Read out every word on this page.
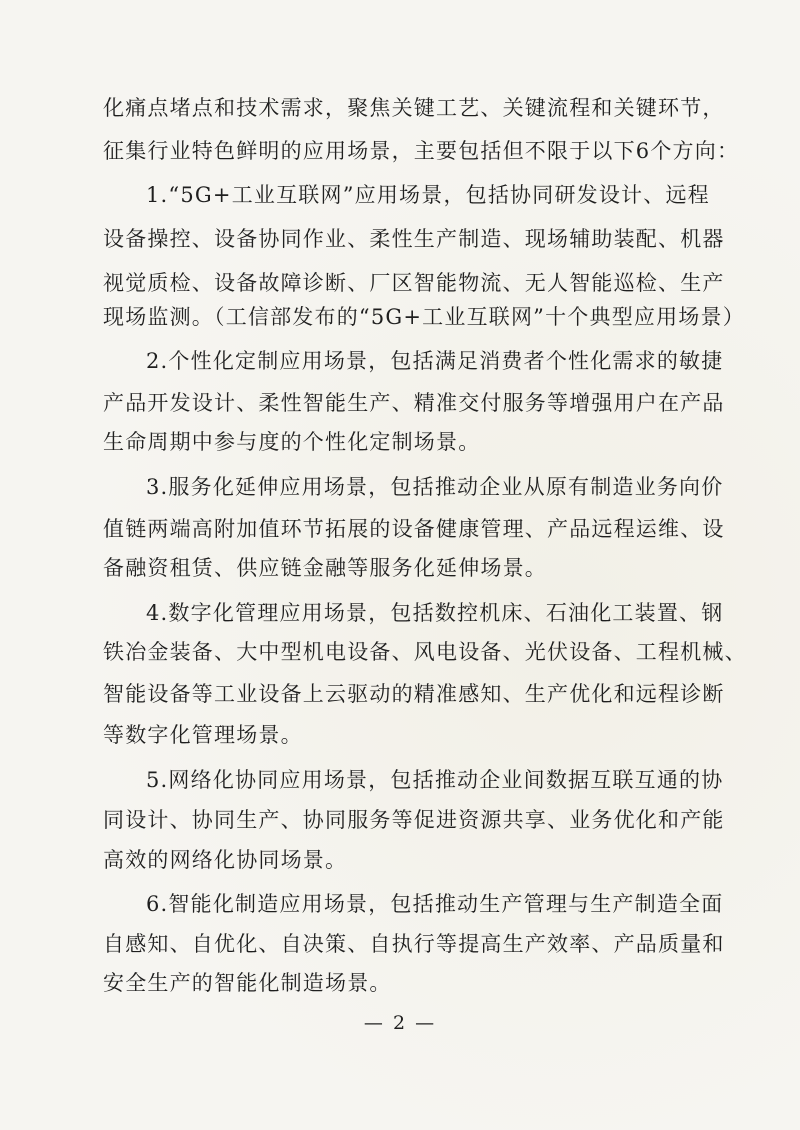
化痛点堵点和技术需求，聚焦关键工艺、关键流程和关键环节，
征集行业特色鲜明的应用场景，主要包括但不限于以下6个方向：
1.“5G+工业互联网”应用场景，包括协同研发设计、远程
设备操控、设备协同作业、柔性生产制造、现场辅助装配、机器
视觉质检、设备故障诊断、厂区智能物流、无人智能巡检、生产
现场监测。（工信部发布的“5G+工业互联网”十个典型应用场景）
2.个性化定制应用场景，包括满足消费者个性化需求的敏捷
产品开发设计、柔性智能生产、精准交付服务等增强用户在产品
生命周期中参与度的个性化定制场景。
3.服务化延伸应用场景，包括推动企业从原有制造业务向价
值链两端高附加值环节拓展的设备健康管理、产品远程运维、设
备融资租赁、供应链金融等服务化延伸场景。
4.数字化管理应用场景，包括数控机床、石油化工装置、钢
铁冶金装备、大中型机电设备、风电设备、光伏设备、工程机械、
智能设备等工业设备上云驱动的精准感知、生产优化和远程诊断
等数字化管理场景。
5.网络化协同应用场景，包括推动企业间数据互联互通的协
同设计、协同生产、协同服务等促进资源共享、业务优化和产能
高效的网络化协同场景。
6.智能化制造应用场景，包括推动生产管理与生产制造全面
自感知、自优化、自决策、自执行等提高生产效率、产品质量和
安全生产的智能化制造场景。
— 2 —
